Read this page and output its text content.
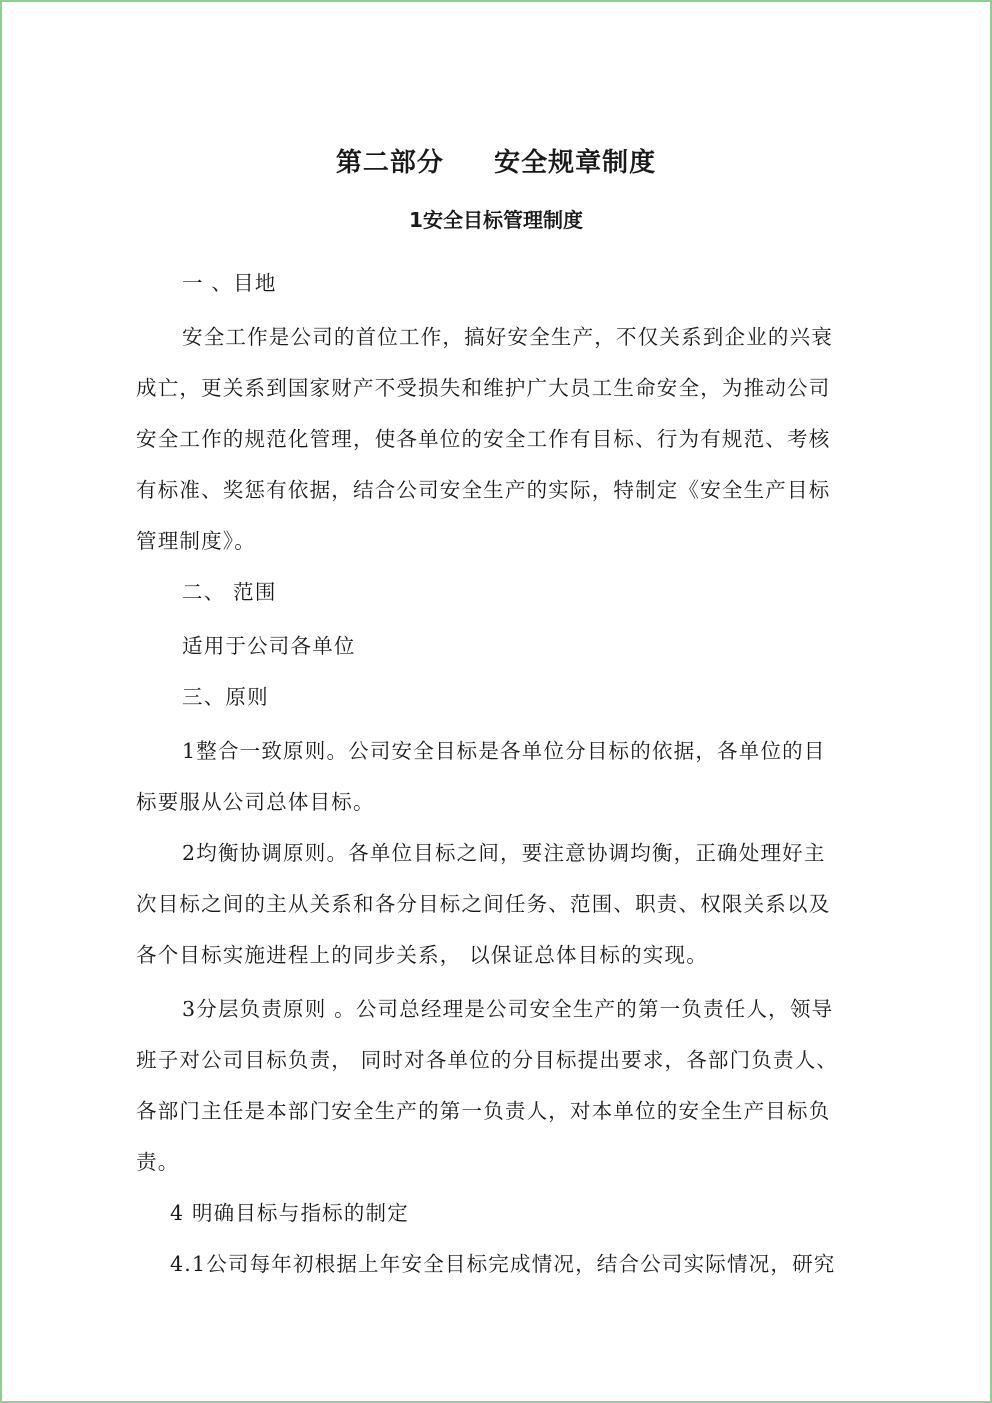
第二部分     安全规章制度
1安全目标管理制度
一 、目地
安全工作是公司的首位工作，搞好安全生产，不仅关系到企业的兴衰
成亡，更关系到国家财产不受损失和维护广大员工生命安全，为推动公司
安全工作的规范化管理，使各单位的安全工作有目标、行为有规范、考核
有标准、奖惩有依据，结合公司安全生产的实际，特制定《安全生产目标
管理制度》。
二、 范围
适用于公司各单位
三、原则
1整合一致原则。公司安全目标是各单位分目标的依据，各单位的目
标要服从公司总体目标。
2均衡协调原则。各单位目标之间，要注意协调均衡，正确处理好主
次目标之间的主从关系和各分目标之间任务、范围、职责、权限关系以及
各个目标实施进程上的同步关系， 以保证总体目标的实现。
3分层负责原则 。公司总经理是公司安全生产的第一负责任人，领导
班子对公司目标负责， 同时对各单位的分目标提出要求，各部门负责人、
各部门主任是本部门安全生产的第一负责人，对本单位的安全生产目标负
责。
4 明确目标与指标的制定
4.1公司每年初根据上年安全目标完成情况，结合公司实际情况，研究
